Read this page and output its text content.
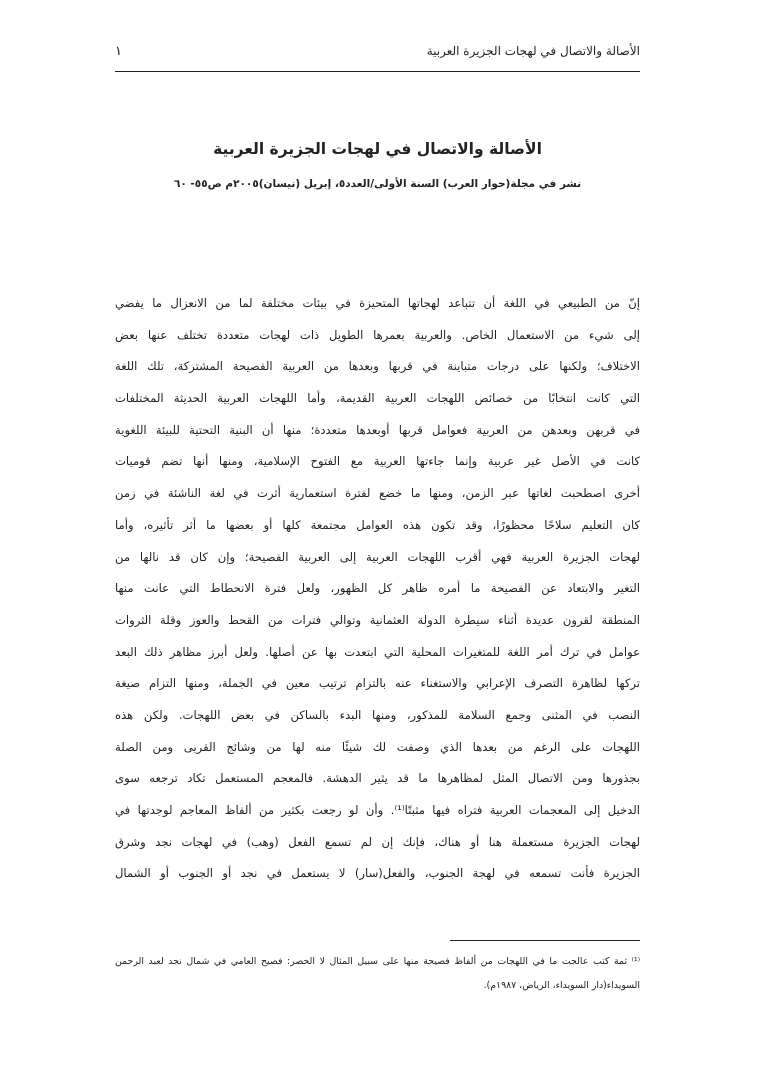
الأصالة والاتصال في لهجات الجزيرة العربية
١
الأصالة والاتصال في لهجات الجزيرة العربية
نشر في مجلة(حوار العرب) السنة الأولى/العدد٥، إبريل (نيسان)٢٠٠٥م ص٥٥- ٦٠
إنّ من الطبيعي في اللغة أن تتباعد لهجاتها المتحيزة في بيئات مختلفة لما من الانعزال ما يفضي
إلى شيء من الاستعمال الخاص. والعربية بعمرها الطويل ذات لهجات متعددة تختلف عنها بعض
الاختلاف؛ ولكنها على درجات متباينة في قربها وبعدها من العربية الفصيحة المشتركة، تلك اللغة
التي كانت انتخابًا من خصائص اللهجات العربية القديمة، وأما اللهجات العربية الحديثة المختلفات
في قربهن وبعدهن من العربية فعوامل قربها أوبعدها متعددة؛ منها أن البنية التحتية للبيئة اللغوية
كانت في الأصل غير عربية وإنما جاءتها العربية مع الفتوح الإسلامية، ومنها أنها تضم قوميات
أخرى اصطحبت لغاتها عبر الزمن، ومنها ما خضع لفترة استعمارية أثرت في لغة الناشئة في زمن
كان التعليم سلاحًا محظورًا، وقد تكون هذه العوامل مجتمعة كلها أو بعضها ما أثر تأثيره، وأما
لهجات الجزيرة العربية فهي أقرب اللهجات العربية إلى العربية الفصيحة؛ وإن كان قد نالها من
التغير والابتعاد عن الفصيحة ما أمره ظاهر كل الظهور، ولعل فترة الانحطاط التي عانت منها
المنطقة لقرون عديدة أثناء سيطرة الدولة العثمانية وتوالي فترات من القحط والعوز وقلة الثروات
عوامل في ترك أمر اللغة للمتغيرات المحلية التي ابتعدت بها عن أصلها. ولعل أبرز مظاهر ذلك البعد
تركها لظاهرة التصرف الإعرابي والاستغناء عنه بالتزام ترتيب معين في الجملة، ومنها التزام صيغة
النصب في المثنى وجمع السلامة للمذكور، ومنها البدء بالساكن في بعض اللهجات. ولكن هذه
اللهجات على الرغم من بعدها الذي وصفت لك شيئًا منه لها من وشائج القربى ومن الصلة
بجذورها ومن الاتصال المثل لمظاهرها ما قد يثير الدهشة. فالمعجم المستعمل تكاد ترجعه سوى
الدخيل إلى المعجمات العربية فتراه فيها مثبتًا⁽¹⁾. وأن لو رجعت بكثير من ألفاظ المعاجم لوجدتها في
لهجات الجزيرة مستعملة هنا أو هناك، فإنك إن لم تسمع الفعل (وهب) في لهجات نجد وشرق
الجزيرة فأنت تسمعه في لهجة الجنوب، والفعل(سار) لا يستعمل في نجد أو الجنوب أو الشمال
⁽¹⁾ ثمة كتب عالجت ما في اللهجات من ألفاظ فصيحة منها على سبيل المثال لا الحصر: فصيح العامي في شمال نجد لعبد الرحمن
السويداء(دار السويداء، الرياض، ١٩٨٧م).
